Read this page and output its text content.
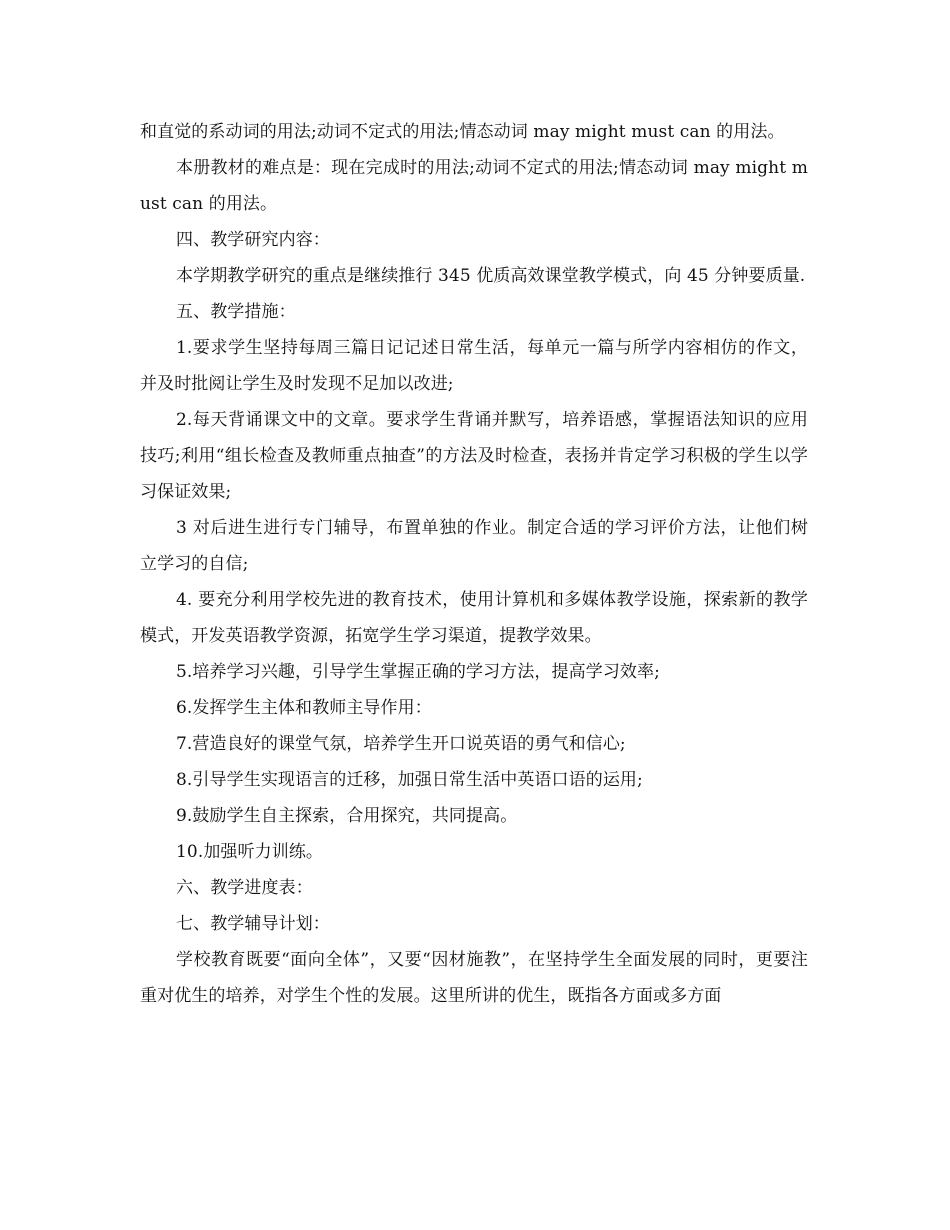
和直觉的系动词的用法;动词不定式的用法;情态动词 may might must can 的用法。

本册教材的难点是：现在完成时的用法;动词不定式的用法;情态动词 may might must can 的用法。

四、教学研究内容：

本学期教学研究的重点是继续推行 345 优质高效课堂教学模式，向 45 分钟要质量.

五、教学措施：

1.要求学生坚持每周三篇日记记述日常生活，每单元一篇与所学内容相仿的作文，并及时批阅让学生及时发现不足加以改进;

2.每天背诵课文中的文章。要求学生背诵并默写，培养语感，掌握语法知识的应用技巧;利用“组长检查及教师重点抽查”的方法及时检查，表扬并肯定学习积极的学生以学习保证效果;

3 对后进生进行专门辅导，布置单独的作业。制定合适的学习评价方法，让他们树立学习的自信;

4. 要充分利用学校先进的教育技术，使用计算机和多媒体教学设施，探索新的教学模式，开发英语教学资源，拓宽学生学习渠道，提教学效果。

5.培养学习兴趣，引导学生掌握正确的学习方法，提高学习效率;

6.发挥学生主体和教师主导作用：

7.营造良好的课堂气氛，培养学生开口说英语的勇气和信心;

8.引导学生实现语言的迁移，加强日常生活中英语口语的运用;

9.鼓励学生自主探索，合用探究，共同提高。

10.加强听力训练。

六、教学进度表：

七、教学辅导计划：

学校教育既要“面向全体”，又要“因材施教”，在坚持学生全面发展的同时，更要注重对优生的培养，对学生个性的发展。这里所讲的优生，既指各方面或多方面
